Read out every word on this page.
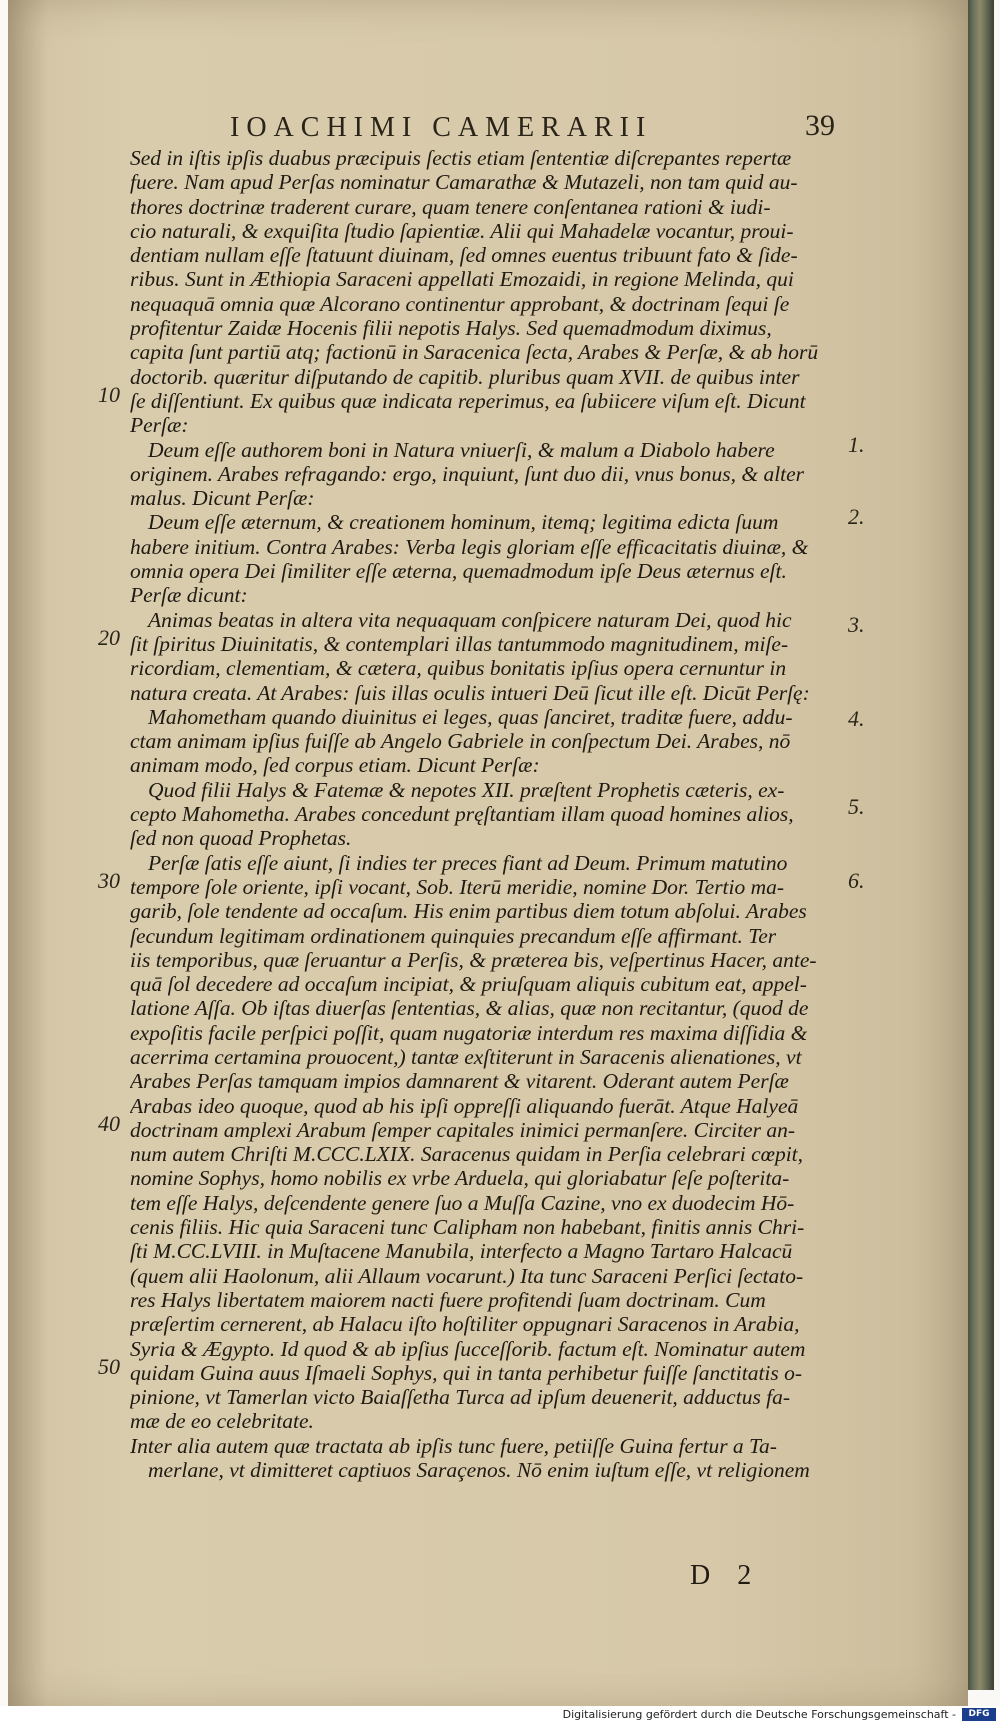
IOACHIMI CAMERARII	39
Sed in iſtis ipſis duabus præcipuis ſectis etiam ſententiæ diſcrepantes repertæ
fuere. Nam apud Perſas nominatur Camarathæ & Mutazeli, non tam quid au-
thores doctrinæ traderent curare, quam tenere conſentanea rationi & iudi-
cio naturali, & exquiſita ſtudio ſapientiæ. Alii qui Mahadelæ vocantur, proui-
dentiam nullam eſſe ſtatuunt diuinam, ſed omnes euentus tribuunt fato & ſide-
ribus. Sunt in Æthiopia Saraceni appellati Emozaidi, in regione Melinda, qui
nequaquā omnia quæ Alcorano continentur approbant, & doctrinam ſequi ſe
profitentur Zaidæ Hocenis filii nepotis Halys. Sed quemadmodum diximus,
capita ſunt partiū atq; factionū in Saracenica ſecta, Arabes & Perſæ, & ab horū
doctorib. quæritur diſputando de capitib. pluribus quam XVII. de quibus inter
ſe diſſentiunt. Ex quibus quæ indicata reperimus, ea ſubiicere viſum eſt. Dicunt
Perſæ:
Deum eſſe authorem boni in Natura vniuerſi, & malum a Diabolo habere
originem. Arabes refragando: ergo, inquiunt, ſunt duo dii, vnus bonus, & alter
malus. Dicunt Perſæ:
Deum eſſe æternum, & creationem hominum, itemq; legitima edicta ſuum
habere initium. Contra Arabes: Verba legis gloriam eſſe efficacitatis diuinæ, &
omnia opera Dei ſimiliter eſſe æterna, quemadmodum ipſe Deus æternus eſt.
Perſæ dicunt:
Animas beatas in altera vita nequaquam conſpicere naturam Dei, quod hic
ſit ſpiritus Diuinitatis, & contemplari illas tantummodo magnitudinem, miſe-
ricordiam, clementiam, & cætera, quibus bonitatis ipſius opera cernuntur in
natura creata. At Arabes: ſuis illas oculis intueri Deū ſicut ille eſt. Dicūt Perſę:
Mahometham quando diuinitus ei leges, quas ſanciret, traditæ fuere, addu-
ctam animam ipſius fuiſſe ab Angelo Gabriele in conſpectum Dei. Arabes, nō
animam modo, ſed corpus etiam. Dicunt Perſæ:
Quod filii Halys & Fatemæ & nepotes XII. præſtent Prophetis cæteris, ex-
cepto Mahometha. Arabes concedunt pręſtantiam illam quoad homines alios,
ſed non quoad Prophetas.
Perſæ ſatis eſſe aiunt, ſi indies ter preces fiant ad Deum. Primum matutino
tempore ſole oriente, ipſi vocant, Sob. Iterū meridie, nomine Dor. Tertio ma-
garib, ſole tendente ad occaſum. His enim partibus diem totum abſolui. Arabes
ſecundum legitimam ordinationem quinquies precandum eſſe affirmant. Ter
iis temporibus, quæ ſeruantur a Perſis, & præterea bis, veſpertinus Hacer, ante-
quā ſol decedere ad occaſum incipiat, & priuſquam aliquis cubitum eat, appel-
latione Aſſa. Ob iſtas diuerſas ſententias, & alias, quæ non recitantur, (quod de
expoſitis facile perſpici poſſit, quam nugatoriæ interdum res maxima diſſidia &
acerrima certamina prouocent,) tantæ exſtiterunt in Saracenis alienationes, vt
Arabes Perſas tamquam impios damnarent & vitarent. Oderant autem Perſæ
Arabas ideo quoque, quod ab his ipſi oppreſſi aliquando fuerāt. Atque Halyeā
doctrinam amplexi Arabum ſemper capitales inimici permanſere. Circiter an-
num autem Chriſti M.CCC.LXIX. Saracenus quidam in Perſia celebrari cœpit,
nomine Sophys, homo nobilis ex vrbe Arduela, qui gloriabatur ſeſe poſterita-
tem eſſe Halys, deſcendente genere ſuo a Muſſa Cazine, vno ex duodecim Hō-
cenis filiis. Hic quia Saraceni tunc Calipham non habebant, finitis annis Chri-
ſti M.CC.LVIII. in Muſtacene Manubila, interfecto a Magno Tartaro Halcacū
(quem alii Haolonum, alii Allaum vocarunt.) Ita tunc Saraceni Perſici ſectato-
res Halys libertatem maiorem nacti fuere profitendi ſuam doctrinam. Cum
præſertim cernerent, ab Halacu iſto hoſtiliter oppugnari Saracenos in Arabia,
Syria & Ægypto. Id quod & ab ipſius ſucceſſorib. factum eſt. Nominatur autem
quidam Guina auus Iſmaeli Sophys, qui in tanta perhibetur fuiſſe ſanctitatis o-
pinione, vt Tamerlan victo Baiaſſetha Turca ad ipſum deuenerit, adductus fa-
mæ de eo celebritate.
Inter alia autem quæ tractata ab ipſis tunc fuere, petiiſſe Guina fertur a Ta-
merlane, vt dimitteret captiuos Saraçenos. Nō enim iuſtum eſſe, vt religionem
10
20
30
40
50
1.
2.
3.
4.
5.
6.
D 2
Digitalisierung gefördert durch die Deutsche Forschungsgemeinschaft -	DFG
